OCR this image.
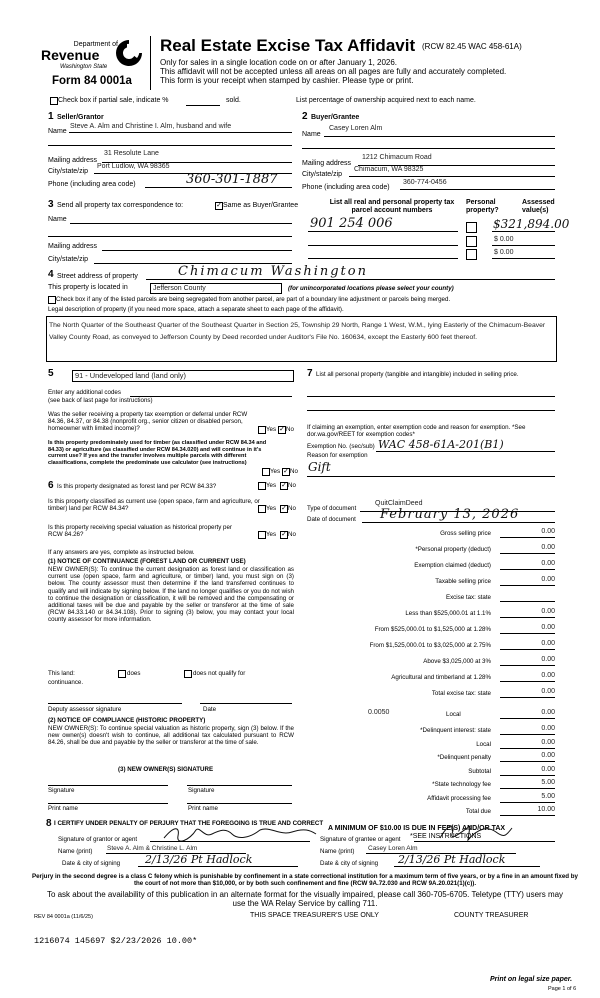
Department of
Revenue
Washington State
Form 84 0001a
Real Estate Excise Tax Affidavit (RCW 82.45 WAC 458-61A)
Only for sales in a single location code on or after January 1, 2026.
This affidavit will not be accepted unless all areas on all pages are fully and accurately completed.
This form is your receipt when stamped by cashier. Please type or print.
Check box if partial sale, indicate %	sold.	List percentage of ownership acquired next to each name.
1 Seller/Grantor
Name
Steve A. Alm and Christine I. Alm, husband and wife
Mailing address
31 Resolute Lane
City/state/zip
Port Ludlow, WA 98365
Phone (including area code)	360-301-1887
2 Buyer/Grantee
Name
Casey Loren Alm
Mailing address
1212 Chimacum Road
City/state/zip
Chimacum, WA 98325
Phone (including area code)
360-774-0456
3 Send all property tax correspondence to:	✓ Same as Buyer/Grantee
Name
Mailing address
City/state/zip
List all real and personal property tax
parcel account numbers
Personal
property?
Assessed
value(s)
901 254 006	$321,894.00
$ 0.00
$ 0.00
4 Street address of property	Chimacum Washington
This property is located in	Jefferson County	(for unincorporated locations please select your county)
Check box if any of the listed parcels are being segregated from another parcel, are part of a boundary line adjustment or parcels being merged.
Legal description of property (if you need more space, attach a separate sheet to each page of the affidavit).
The North Quarter of the Southeast Quarter of the Southeast Quarter in Section 25, Township 29 North, Range 1 West, W.M., lying Easterly of the Chimacum-Beaver Valley County Road, as conveyed to Jefferson County by Deed recorded under Auditor's File No. 160634, except the Easterly 600 feet thereof.
5	91 - Undeveloped land (land only)
Enter any additional codes
(see back of last page for instructions)
Was the seller receiving a property tax exemption or deferral under RCW 84.36, 84.37, or 84.38 (nonprofit org., senior citizen or disabled person, homeowner with limited income)?	Yes ✓ No
Is this property predominately used for timber (as classified under RCW 84.34 and 84.33) or agriculture (as classified under RCW 84.34.020) and will continue in it's current use? If yes and the transfer involves multiple parcels with different classifications, complete the predominate use calculator (see instructions)
Yes ✓ No
6 Is this property designated as forest land per RCW 84.33?	Yes ✓ No
Is this property classified as current use (open space, farm and agriculture, or timber) land per RCW 84.34?	Yes ✓ No
Is this property receiving special valuation as historical property per RCW 84.26?	Yes ✓ No
If any answers are yes, complete as instructed below.
(1) NOTICE OF CONTINUANCE (FOREST LAND OR CURRENT USE)
NEW OWNER(S): To continue the current designation as forest land or classification as current use (open space, farm and agriculture, or timber) land, you must sign on (3) below. The county assessor must then determine if the land transferred continues to qualify and will indicate by signing below. If the land no longer qualifies or you do not wish to continue the designation or classification, it will be removed and the compensating or additional taxes will be due and payable by the seller or transferor at the time of sale (RCW 84.33.140 or 84.34.108). Prior to signing (3) below, you may contact your local county assessor for more information.
This land:	does	does not qualify for
continuance.
Deputy assessor signature	Date
(2) NOTICE OF COMPLIANCE (HISTORIC PROPERTY)
NEW OWNER(S): To continue special valuation as historic property, sign (3) below. If the new owner(s) doesn't wish to continue, all additional tax calculated pursuant to RCW 84.26, shall be due and payable by the seller or transferor at the time of sale.
(3) NEW OWNER(S) SIGNATURE
Signature	Signature
Print name	Print name
7 List all personal property (tangible and intangible) included in selling price.
If claiming an exemption, enter exemption code and reason for exemption. *See dor.wa.gov/REET for exemption codes*
Exemption No. (sec/sub) WAC 458-61A-201(B1)
Reason for exemption
Gift
Type of document
QuitClaimDeed
Date of document February 13, 2026
Gross selling price	0.00
*Personal property (deduct)	0.00
Exemption claimed (deduct)	0.00
Taxable selling price	0.00
Excise tax: state
Less than $525,000.01 at 1.1%	0.00
From $525,000.01 to $1,525,000 at 1.28%	0.00
From $1,525,000.01 to $3,025,000 at 2.75%	0.00
Above $3,025,000 at 3%	0.00
Agricultural and timberland at 1.28%	0.00
Total excise tax: state	0.00
0.0050	Local	0.00
*Delinquent interest: state	0.00
Local	0.00
*Delinquent penalty	0.00
Subtotal	0.00
*State technology fee	5.00
Affidavit processing fee	5.00
Total due	10.00
A MINIMUM OF $10.00 IS DUE IN FEE(S) AND/OR TAX
*SEE INSTRUCTIONS
8 I CERTIFY UNDER PENALTY OF PERJURY THAT THE FOREGOING IS TRUE AND CORRECT
Signature of grantor or agent
Name (print) Steve A. Alm & Christine L. Alm
Date & city of signing 2/13/26 Pt Hadlock
Signature of grantee or agent
Name (print) Casey Loren Alm
Date & city of signing 2/13/26 Pt Hadlock
Perjury in the second degree is a class C felony which is punishable by confinement in a state correctional institution for a maximum term of five years, or by a fine in an amount fixed by the court of not more than $10,000, or by both such confinement and fine (RCW 9A.72.030 and RCW 9A.20.021(1)(c)).
To ask about the availability of this publication in an alternate format for the visually impaired, please call 360-705-6705. Teletype (TTY) users may use the WA Relay Service by calling 711.
REV 84 0001a (11/6/25)	THIS SPACE TREASURER'S USE ONLY	COUNTY TREASURER
1216074 145697 $2/23/2026 10.00*
Print on legal size paper.
Page 1 of 6
